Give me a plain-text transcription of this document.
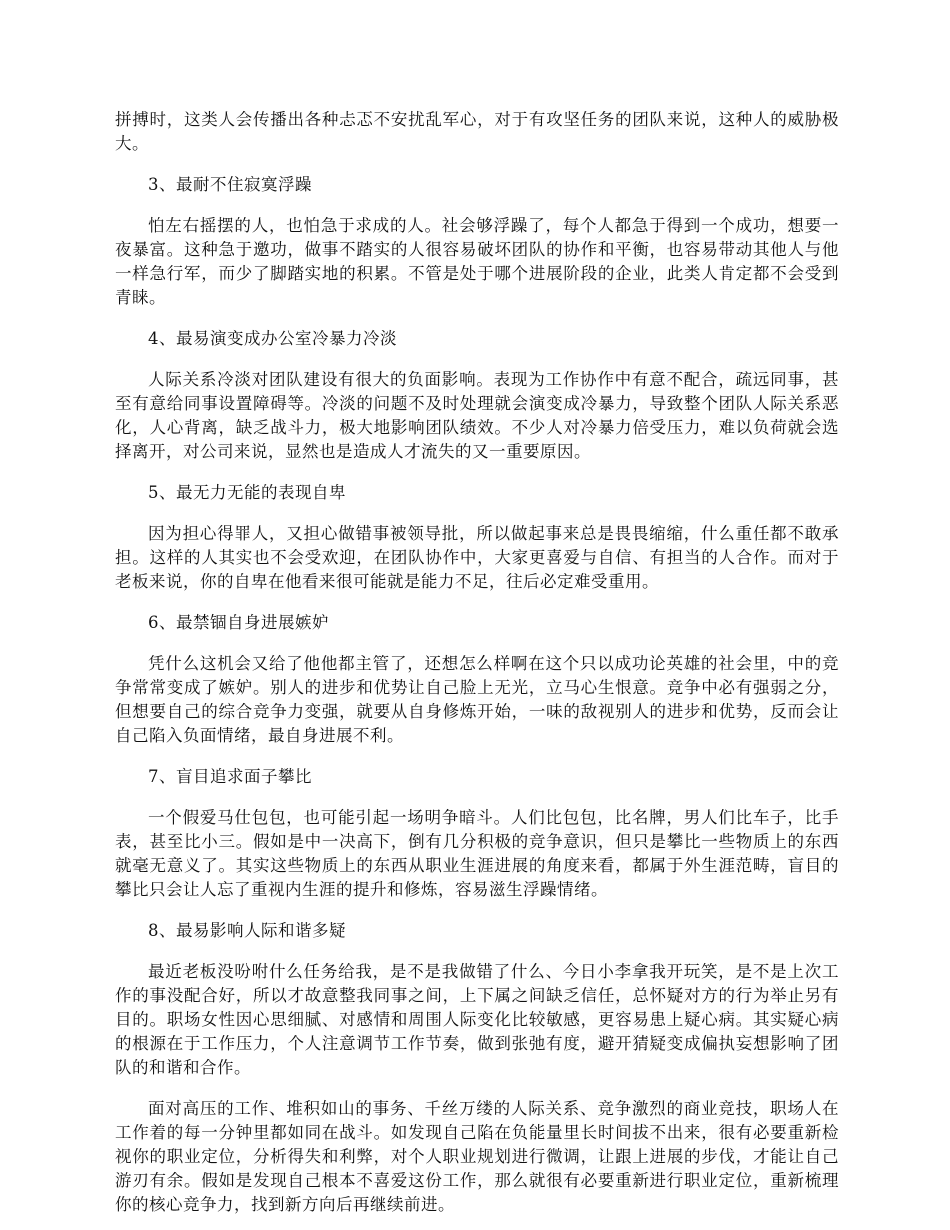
拼搏时，这类人会传播出各种忐忑不安扰乱军心，对于有攻坚任务的团队来说，这种人的威胁极大。

3、最耐不住寂寞浮躁

怕左右摇摆的人，也怕急于求成的人。社会够浮躁了，每个人都急于得到一个成功，想要一夜暴富。这种急于邀功，做事不踏实的人很容易破坏团队的协作和平衡，也容易带动其他人与他一样急行军，而少了脚踏实地的积累。不管是处于哪个进展阶段的企业，此类人肯定都不会受到青睐。

4、最易演变成办公室冷暴力冷淡

人际关系冷淡对团队建设有很大的负面影响。表现为工作协作中有意不配合，疏远同事，甚至有意给同事设置障碍等。冷淡的问题不及时处理就会演变成冷暴力，导致整个团队人际关系恶化，人心背离，缺乏战斗力，极大地影响团队绩效。不少人对冷暴力倍受压力，难以负荷就会选择离开，对公司来说，显然也是造成人才流失的又一重要原因。

5、最无力无能的表现自卑

因为担心得罪人，又担心做错事被领导批，所以做起事来总是畏畏缩缩，什么重任都不敢承担。这样的人其实也不会受欢迎，在团队协作中，大家更喜爱与自信、有担当的人合作。而对于老板来说，你的自卑在他看来很可能就是能力不足，往后必定难受重用。

6、最禁锢自身进展嫉妒

凭什么这机会又给了他他都主管了，还想怎么样啊在这个只以成功论英雄的社会里，中的竞争常常变成了嫉妒。别人的进步和优势让自己脸上无光，立马心生恨意。竞争中必有强弱之分，但想要自己的综合竞争力变强，就要从自身修炼开始，一味的敌视别人的进步和优势，反而会让自己陷入负面情绪，最自身进展不利。

7、盲目追求面子攀比

一个假爱马仕包包，也可能引起一场明争暗斗。人们比包包，比名牌，男人们比车子，比手表，甚至比小三。假如是中一决高下，倒有几分积极的竞争意识，但只是攀比一些物质上的东西就毫无意义了。其实这些物质上的东西从职业生涯进展的角度来看，都属于外生涯范畴，盲目的攀比只会让人忘了重视内生涯的提升和修炼，容易滋生浮躁情绪。

8、最易影响人际和谐多疑

最近老板没吩咐什么任务给我，是不是我做错了什么、今日小李拿我开玩笑，是不是上次工作的事没配合好，所以才故意整我同事之间，上下属之间缺乏信任，总怀疑对方的行为举止另有目的。职场女性因心思细腻、对感情和周围人际变化比较敏感，更容易患上疑心病。其实疑心病的根源在于工作压力，个人注意调节工作节奏，做到张弛有度，避开猜疑变成偏执妄想影响了团队的和谐和合作。

面对高压的工作、堆积如山的事务、千丝万缕的人际关系、竞争激烈的商业竞技，职场人在工作着的每一分钟里都如同在战斗。如发现自己陷在负能量里长时间拔不出来，很有必要重新检视你的职业定位，分析得失和利弊，对个人职业规划进行微调，让跟上进展的步伐，才能让自己游刃有余。假如是发现自己根本不喜爱这份工作，那么就很有必要重新进行职业定位，重新梳理你的核心竞争力，找到新方向后再继续前进。
